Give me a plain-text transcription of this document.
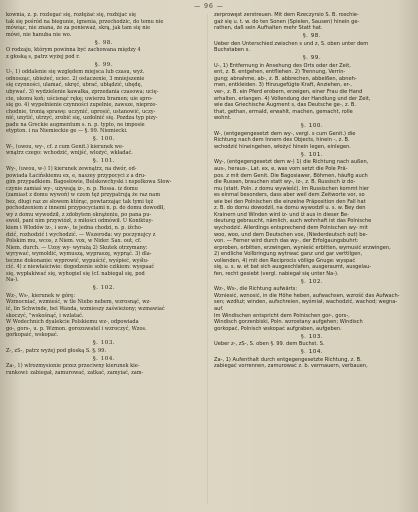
— 96 —
kownia, z. p. rozlegać się, rozłężać się, rozbijać się
tak się pośród na biegunie, ignenia, przechodzic, do temu nie
mówiąc, nie znana, że za ponieważ, skrą, jak tam się nie
mówi, nie hanuba nie wo.
§. 98.
O rodzaju, którym powinna być zachowana między 4
z głoską s, patrz wyżej pod r.
§. 99.
U-, 1) oddalenie się względem miejsca lub czasu, wyż.
odnosząc, ubieżeć, uciec. 2) ostaczenie, 3 mniejszenie
się czynności, ulamać, ukręć, ubrać, ubłądzić, ubędę,
ubywać. 3) wydzielenie kawałka, zprzedania czasowa; ucię-
cie, ukonu koń; uścisnąć rękę; uwierzu bramen; uie spro-
się go. 4) wypełnienie czynności zupełnie, zawsze, nieprze-
chodnie, tronią sprawę: uczynić, uprosić, ustanowić, uczy-
nić, unytić, utrzyć, zrobić się, uzdolnić się. Pozdza typ pizy-
padu na Greckie augmentum s. n. p. typto, ne imposie
etypton. i na Niemieckie ge — §. 99. Niemiecki.
§. 100.
W-, (uwou, wy-, cf. z cum Genit.) kierunek we-
wnątrz czego: wchodzić, wnijść, wlożyć, wkładać.
§. 101.
Wy-, (uwou, w-) 1) kierunek zewnątrz, na dwór, od-
powiada Łacińskiemu ex, e, naszey przypocyci z a dru-
gim przypadkiem. Bagosłowie, Bulskowchyski i nspolkowa Słow-
czynie zamiaś wy-, używają iz-, n. p. Rossa. iz domu
(zamiast z domu wywoń) w czem tęż przypatrują że raz nam
bez, długi raz ze słowem którąc, powtarzając tak tymi tęż
pochodzeniem z innemi przypocyciami n. p. do domu dowodłł,
wy z domu wywodził, z zdobytem okrążeniu, po pana pu-
swoił, pani nim przywiózł, z miłości odmówił. U Koniktuy-
kiem i Wlodów iz-, i sow-, te jedna chodzi, n. p. iźcho-
dzić, rozhodzić i wychodzić. — Wszeroda: wy poczynujcy z
Polskim mu, wcos, z Niem. vox, w Nider. Sax. out, cf.
Niem. durch. — Uzoy wy- wyrażą 2) Skutek otrzymany:
wyrywać, wymoldić, wymuszą, wypraszę, wyprąć. 3) dla-
teczne dokonanie: wyprowić, wypuścić, wyśpieć, wyśłu-
cić. 4) z niewłaściwie: dogodzenie sobie czikiem: wyspaać
się, wypłakiwać się, wyhogiel się (cf. nabiegał się, pod
Na-).
§. 102.
Wz-, Ws-, kierunek w górę:
Wzmocniać, wzmieść, w tle Niebo nebem, wzrosnąć, wz-
ić, lin Schwinde, bei Wanda, wzmieszy zaświeżony; wzmawiać
skoczyć, "wskośnąć, i wzlatać.
W Wodechnich dyalekcie Polskiemu wz-, odpowiada
go-, gors-, u. p. Wzmon. gorozuwatel i wzroczyć, Wzos.
gorkopaić, wskopać.
§. 103.
Z-, zS-, patrz wyżej pod głoską S. §. 99.
§. 104.
Za-, 1) wlrozmysionie przez przeciwny kierunek kie-
runkowi: zabiegał, zamurować, zatkać, zamyiać, zam-
zerprowęst zerstreuen. Mit dem Rzeczyrsio S. B. roschie-
gaż się u. t. w. do ten Sonen (Spielen, Sausen) hinein ge-
rathen, daß sein Aufhalten mehr Statt hat.
§. 98.
Ueber den Unterschied zwischen s und z, S. oben unter dem
Buchstaben s.
§. 99.
U-, 1) Entfernung in Ansehung des Orts oder der Zeit,
ent, z. B. entgehen, entfliehen. 2) Trennung, Verrin-
gung; abnahme, ab-, z. B. abbrechen, abbeißen, abneh-
men, entkleiden. 3) Hinzugefügte Kraft, Anziehen, er-,
ver-, z. B. ein Pferd erobern, erzeigen, einer Frau die Hand
erhalten, erlangen. 4) Vollendung der Handlung und der Zeit,
wie das Griechische Augment s, das Deutsche ge-, z. B.
that, gethan, ermald, erwahlt, machen, gemacht, rolle
wohnt.
§. 100.
W-, (entgegengesetzt dem wy-, vergl. s cum Genit.) die
Richtung nach dem Innern des Objects, hinein -, z. B.
wchodzić hineingehen, włożyć hinein legen, einlegen.
§. 101.
Wy-, (entgegengesetzt dem w-) 1) die Richtung nach außen,
aus-, heraus-, Lat. ex, e, was vom setzt die Pole Prä-
pos. z mit dem Genit. Die Bagosiawer, Böhmen, häufig auch
die Russen, brauchen statt wy-, iz-, z. B. Russisch iz do-
mu (statt. Poln. z domu wywieść). Im Russischen kommt hier
es einmal besonders, dass aber weil dem Zeitworte vor, so
wie bei den Polnischen die einzelne Präposition den Fall hat
z. B. do domu dowodzil, na domu wywodził u. s. w. Bey den
Krainern und Winden wird iz- und iź aus in dieser Be-
deutung gebraucht, nämlich, auch wohnhaft ist das Polnische
wychodzić. Allerdings entsprechend dem Polnischen wy- mit
woo, woo, und dem Deutschen vox, (Niederdeutsch out) be-
von. — Ferner wird durch das wy-, der Erfolgaungsbuhrt:
erproben, erbitten, erzwingen, wynieść erbitten, wymusić erzwingen,
2) endliche Vollbringung wytrwać ganz und gar verttilgen,
vollenden, 4) mit den Reciprocis völlige Gnuge: wyspać
się, u. s. w. et bat sich ausgeschlafen, ausgeraumt, ausgelau-
fen, recht gesiebt (vergl. nabiegał się unter Na-).
§. 102.
Wz-, Ws-, die Richtung aufwärts:
Wzniesić, wznosić, in die Höhe heben, aufwachsen, wzrość das Aufwach-
sen; wzdłuż; winden, aufschreien, wyśmiał, wachodzić, wachod; wegna-
auf.
Im Windischen entspricht dem Polnischen gor-, gors-,
Windisch gorzenbiski, Poln. wzrostany aufgehen; Windisch
gorkopać, Polnisch wskopać aufgraben, aufgeben.
§. 103.
Ueber z-, zS-, S. oben §. 99. dem Buchst. S.
§. 104.
Za-, 1) Aufenthalt durch entgegengesetzte Richtung, z. B.
zabiegać vorrennen, zamurować z. b. vermauern, verbauen,
